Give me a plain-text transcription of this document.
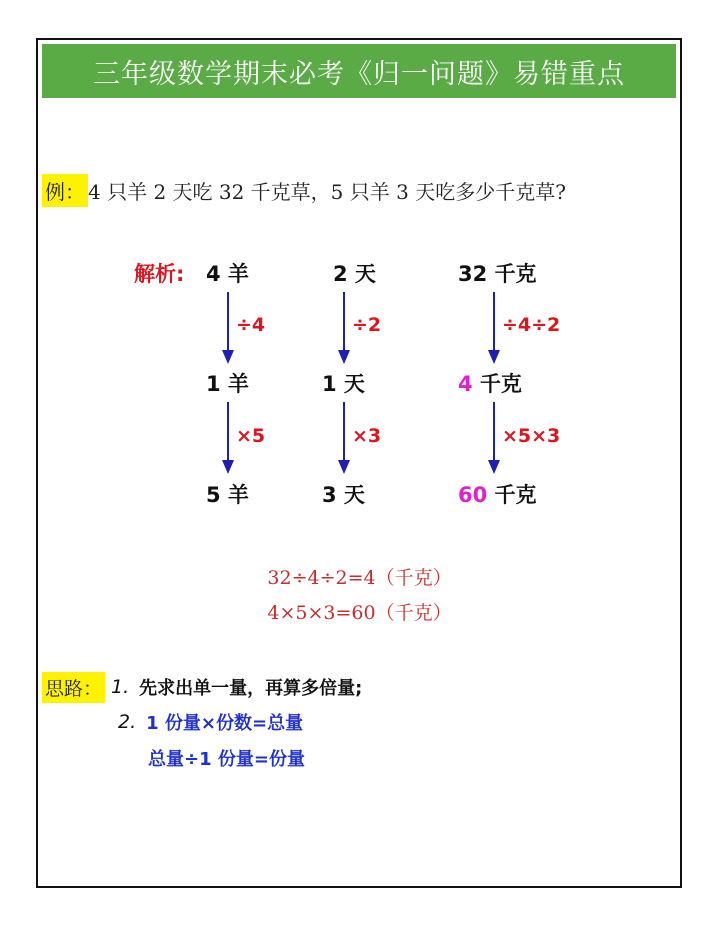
三年级数学期末必考《归一问题》易错重点
例： 4 只羊 2 天吃 32 千克草，5 只羊 3 天吃多少千克草?
解析: 4 羊
÷4
1 羊
×5
5 羊
2 天
÷2
1 天
×3
3 天
32 千克
÷4÷2
4 千克
×5×3
60 千克
32÷4÷2=4（千克）
4×5×3=60（千克）
思路： 1. 先求出单一量，再算多倍量;
2. 1 份量×份数=总量
总量÷1 份量=份量
